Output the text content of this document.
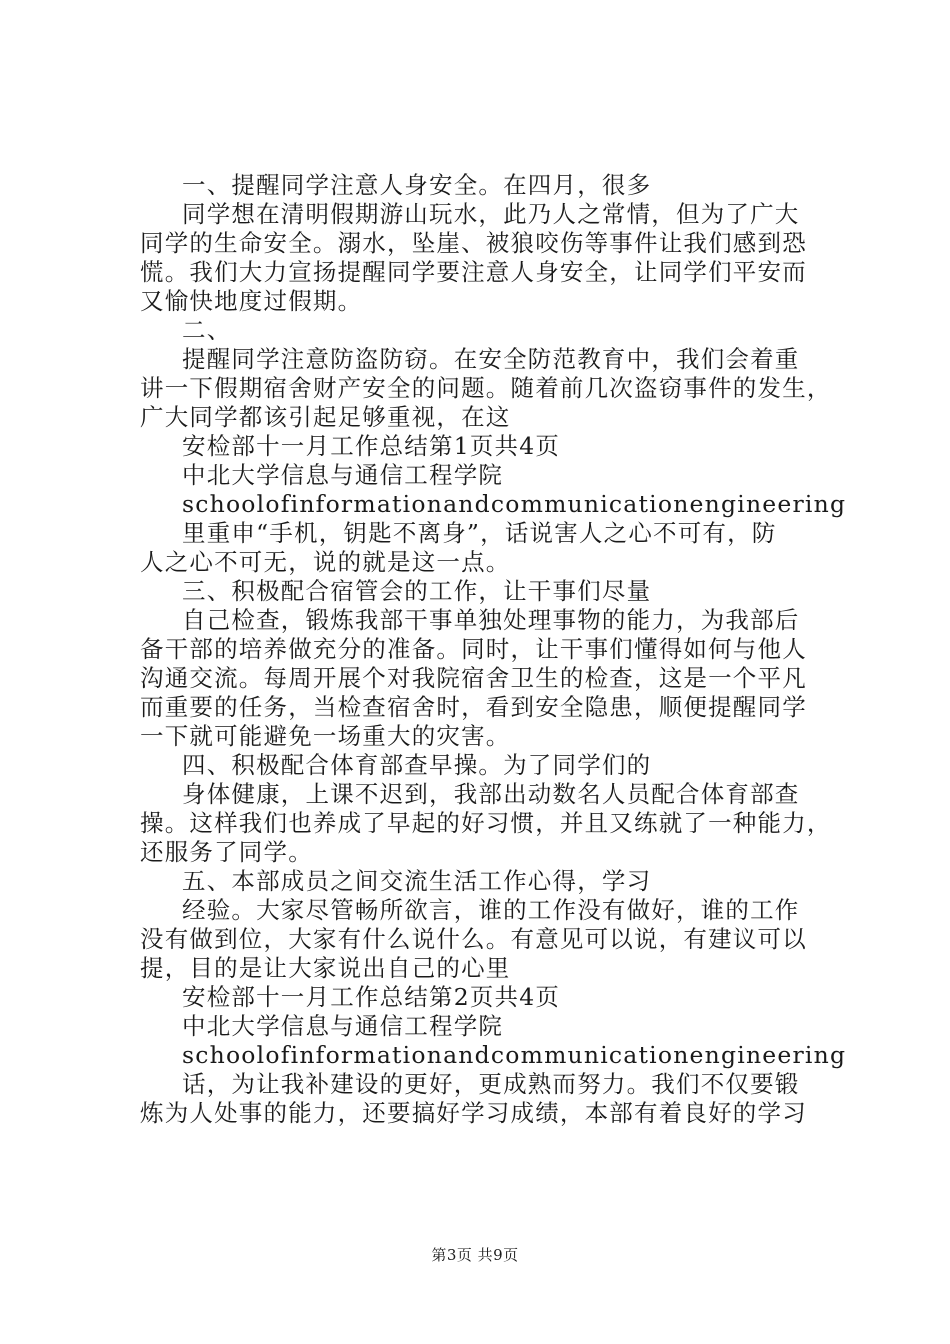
一、提醒同学注意人身安全。在四月，很多
同学想在清明假期游山玩水，此乃人之常情，但为了广大
同学的生命安全。溺水，坠崖、被狼咬伤等事件让我们感到恐
慌。我们大力宣扬提醒同学要注意人身安全，让同学们平安而
又愉快地度过假期。
二、
提醒同学注意防盗防窃。在安全防范教育中，我们会着重
讲一下假期宿舍财产安全的问题。随着前几次盗窃事件的发生，
广大同学都该引起足够重视，在这
安检部十一月工作总结第1页共4页
中北大学信息与通信工程学院
schoolofinformationandcommunicationengineering
里重申“手机，钥匙不离身”，话说害人之心不可有，防
人之心不可无，说的就是这一点。
三、积极配合宿管会的工作，让干事们尽量
自己检查，锻炼我部干事单独处理事物的能力，为我部后
备干部的培养做充分的准备。同时，让干事们懂得如何与他人
沟通交流。每周开展个对我院宿舍卫生的检查，这是一个平凡
而重要的任务，当检查宿舍时，看到安全隐患，顺便提醒同学
一下就可能避免一场重大的灾害。
四、积极配合体育部查早操。为了同学们的
身体健康，上课不迟到，我部出动数名人员配合体育部查
操。这样我们也养成了早起的好习惯，并且又练就了一种能力，
还服务了同学。
五、本部成员之间交流生活工作心得，学习
经验。大家尽管畅所欲言，谁的工作没有做好，谁的工作
没有做到位，大家有什么说什么。有意见可以说，有建议可以
提，目的是让大家说出自己的心里
安检部十一月工作总结第2页共4页
中北大学信息与通信工程学院
schoolofinformationandcommunicationengineering
话，为让我补建设的更好，更成熟而努力。我们不仅要锻
炼为人处事的能力，还要搞好学习成绩，本部有着良好的学习
第3页 共9页
